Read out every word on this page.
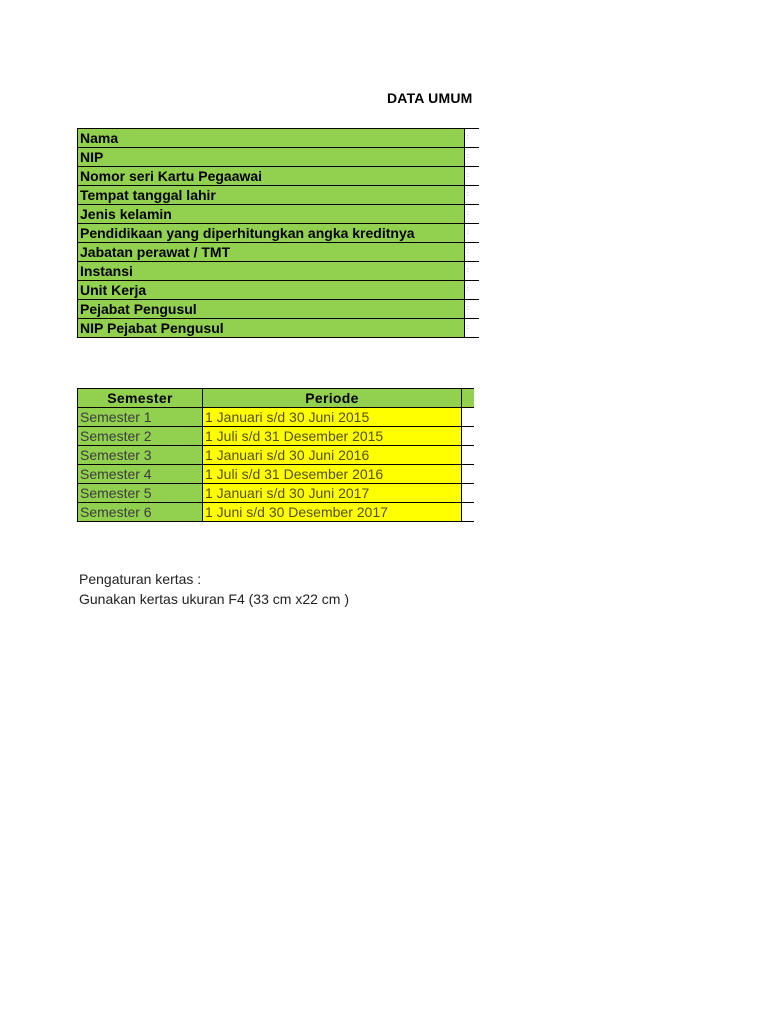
DATA UMUM
Nama	:
NIP	:
Nomor seri Kartu Pegaawai	:
Tempat tanggal lahir	:
Jenis kelamin	:
Pendidikaan yang diperhitungkan angka kreditnya	:
Jabatan perawat / TMT	:
Instansi	:
Unit Kerja	:
Pejabat Pengusul	:
NIP Pejabat Pengusul	:
Semester	Periode	
Semester 1	1 Januari s/d 30 Juni 2015	
Semester 2	1 Juli s/d 31 Desember 2015	
Semester 3	1 Januari s/d 30 Juni 2016	
Semester 4	1 Juli s/d 31 Desember 2016	
Semester 5	1 Januari s/d 30 Juni 2017	
Semester 6	1 Juni s/d 30 Desember 2017	
Pengaturan kertas :
Gunakan kertas ukuran F4 (33 cm x22 cm )
